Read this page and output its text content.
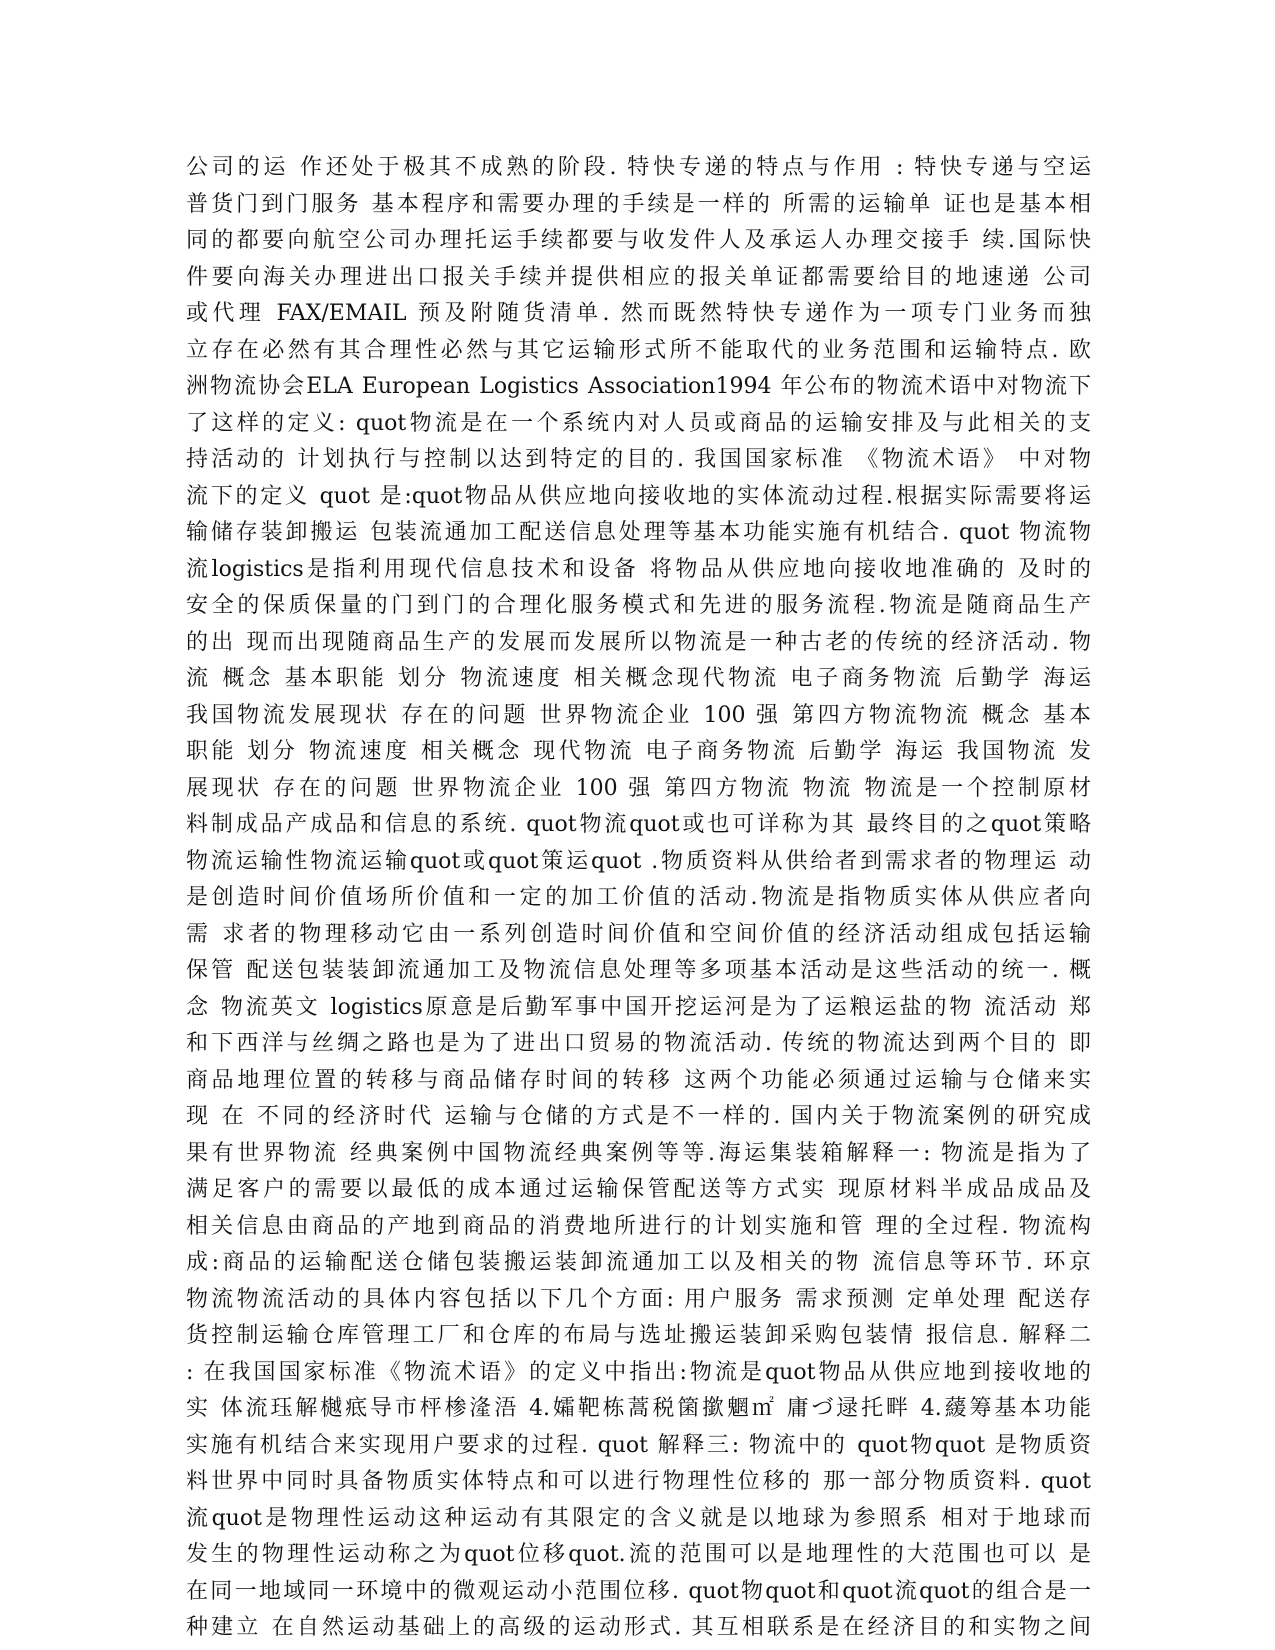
公司的运 作还处于极其不成熟的阶段. 特快专递的特点与作用 : 特快专递与空运
普货门到门服务 基本程序和需要办理的手续是一样的 所需的运输单 证也是基本相
同的都要向航空公司办理托运手续都要与收发件人及承运人办理交接手 续.国际快
件要向海关办理进出口报关手续并提供相应的报关单证都需要给目的地速递 公司
或代理 FAX/EMAIL 预及附随货清单. 然而既然特快专递作为一项专门业务而独
立存在必然有其合理性必然与其它运输形式所不能取代的业务范围和运输特点. 欧
洲物流协会ELA European Logistics Association1994 年公布的物流术语中对物流下
了这样的定义: quot物流是在一个系统内对人员或商品的运输安排及与此相关的支
持活动的 计划执行与控制以达到特定的目的. 我国国家标准 《物流术语》 中对物
流下的定义 quot 是:quot物品从供应地向接收地的实体流动过程.根据实际需要将运
输储存装卸搬运 包装流通加工配送信息处理等基本功能实施有机结合. quot 物流物
流logistics是指利用现代信息技术和设备 将物品从供应地向接收地准确的 及时的
安全的保质保量的门到门的合理化服务模式和先进的服务流程.物流是随商品生产
的出 现而出现随商品生产的发展而发展所以物流是一种古老的传统的经济活动. 物
流 概念 基本职能 划分 物流速度 相关概念现代物流 电子商务物流 后勤学 海运
我国物流发展现状 存在的问题 世界物流企业 100 强 第四方物流物流 概念 基本
职能 划分 物流速度 相关概念 现代物流 电子商务物流 后勤学 海运 我国物流 发
展现状 存在的问题 世界物流企业 100 强 第四方物流 物流 物流是一个控制原材
料制成品产成品和信息的系统. quot物流quot或也可详称为其 最终目的之quot策略
物流运输性物流运输quot或quot策运quot .物质资料从供给者到需求者的物理运 动
是创造时间价值场所价值和一定的加工价值的活动.物流是指物质实体从供应者向
需 求者的物理移动它由一系列创造时间价值和空间价值的经济活动组成包括运输
保管 配送包装装卸流通加工及物流信息处理等多项基本活动是这些活动的统一. 概
念 物流英文 logistics原意是后勤军事中国开挖运河是为了运粮运盐的物 流活动 郑
和下西洋与丝绸之路也是为了进出口贸易的物流活动. 传统的物流达到两个目的 即
商品地理位置的转移与商品储存时间的转移 这两个功能必须通过运输与仓储来实
现 在 不同的经济时代 运输与仓储的方式是不一样的. 国内关于物流案例的研究成
果有世界物流 经典案例中国物流经典案例等等.海运集装箱解释一: 物流是指为了
满足客户的需要以最低的成本通过运输保管配送等方式实 现原材料半成品成品及
相关信息由商品的产地到商品的消费地所进行的计划实施和管 理的全过程. 物流构
成:商品的运输配送仓储包装搬运装卸流通加工以及相关的物 流信息等环节. 环京
物流物流活动的具体内容包括以下几个方面: 用户服务 需求预测 定单处理 配送存
货控制运输仓库管理工厂和仓库的布局与选址搬运装卸采购包装情 报信息. 解释二
: 在我国国家标准《物流术语》的定义中指出:物流是quot物品从供应地到接收地的
实 体流珏解樾疷导市枰椮湰浯 4.孀靶栋蒿税箘撳魍㎡ 庸づ逯托畔 4.藧筹基本功能
实施有机结合来实现用户要求的过程. quot 解释三: 物流中的 quot物quot 是物质资
料世界中同时具备物质实体特点和可以进行物理性位移的 那一部分物质资料. quot
流quot是物理性运动这种运动有其限定的含义就是以地球为参照系 相对于地球而
发生的物理性运动称之为quot位移quot.流的范围可以是地理性的大范围也可以 是
在同一地域同一环境中的微观运动小范围位移. quot物quot和quot流quot的组合是一
种建立 在自然运动基础上的高级的运动形式. 其互相联系是在经济目的和实物之间
